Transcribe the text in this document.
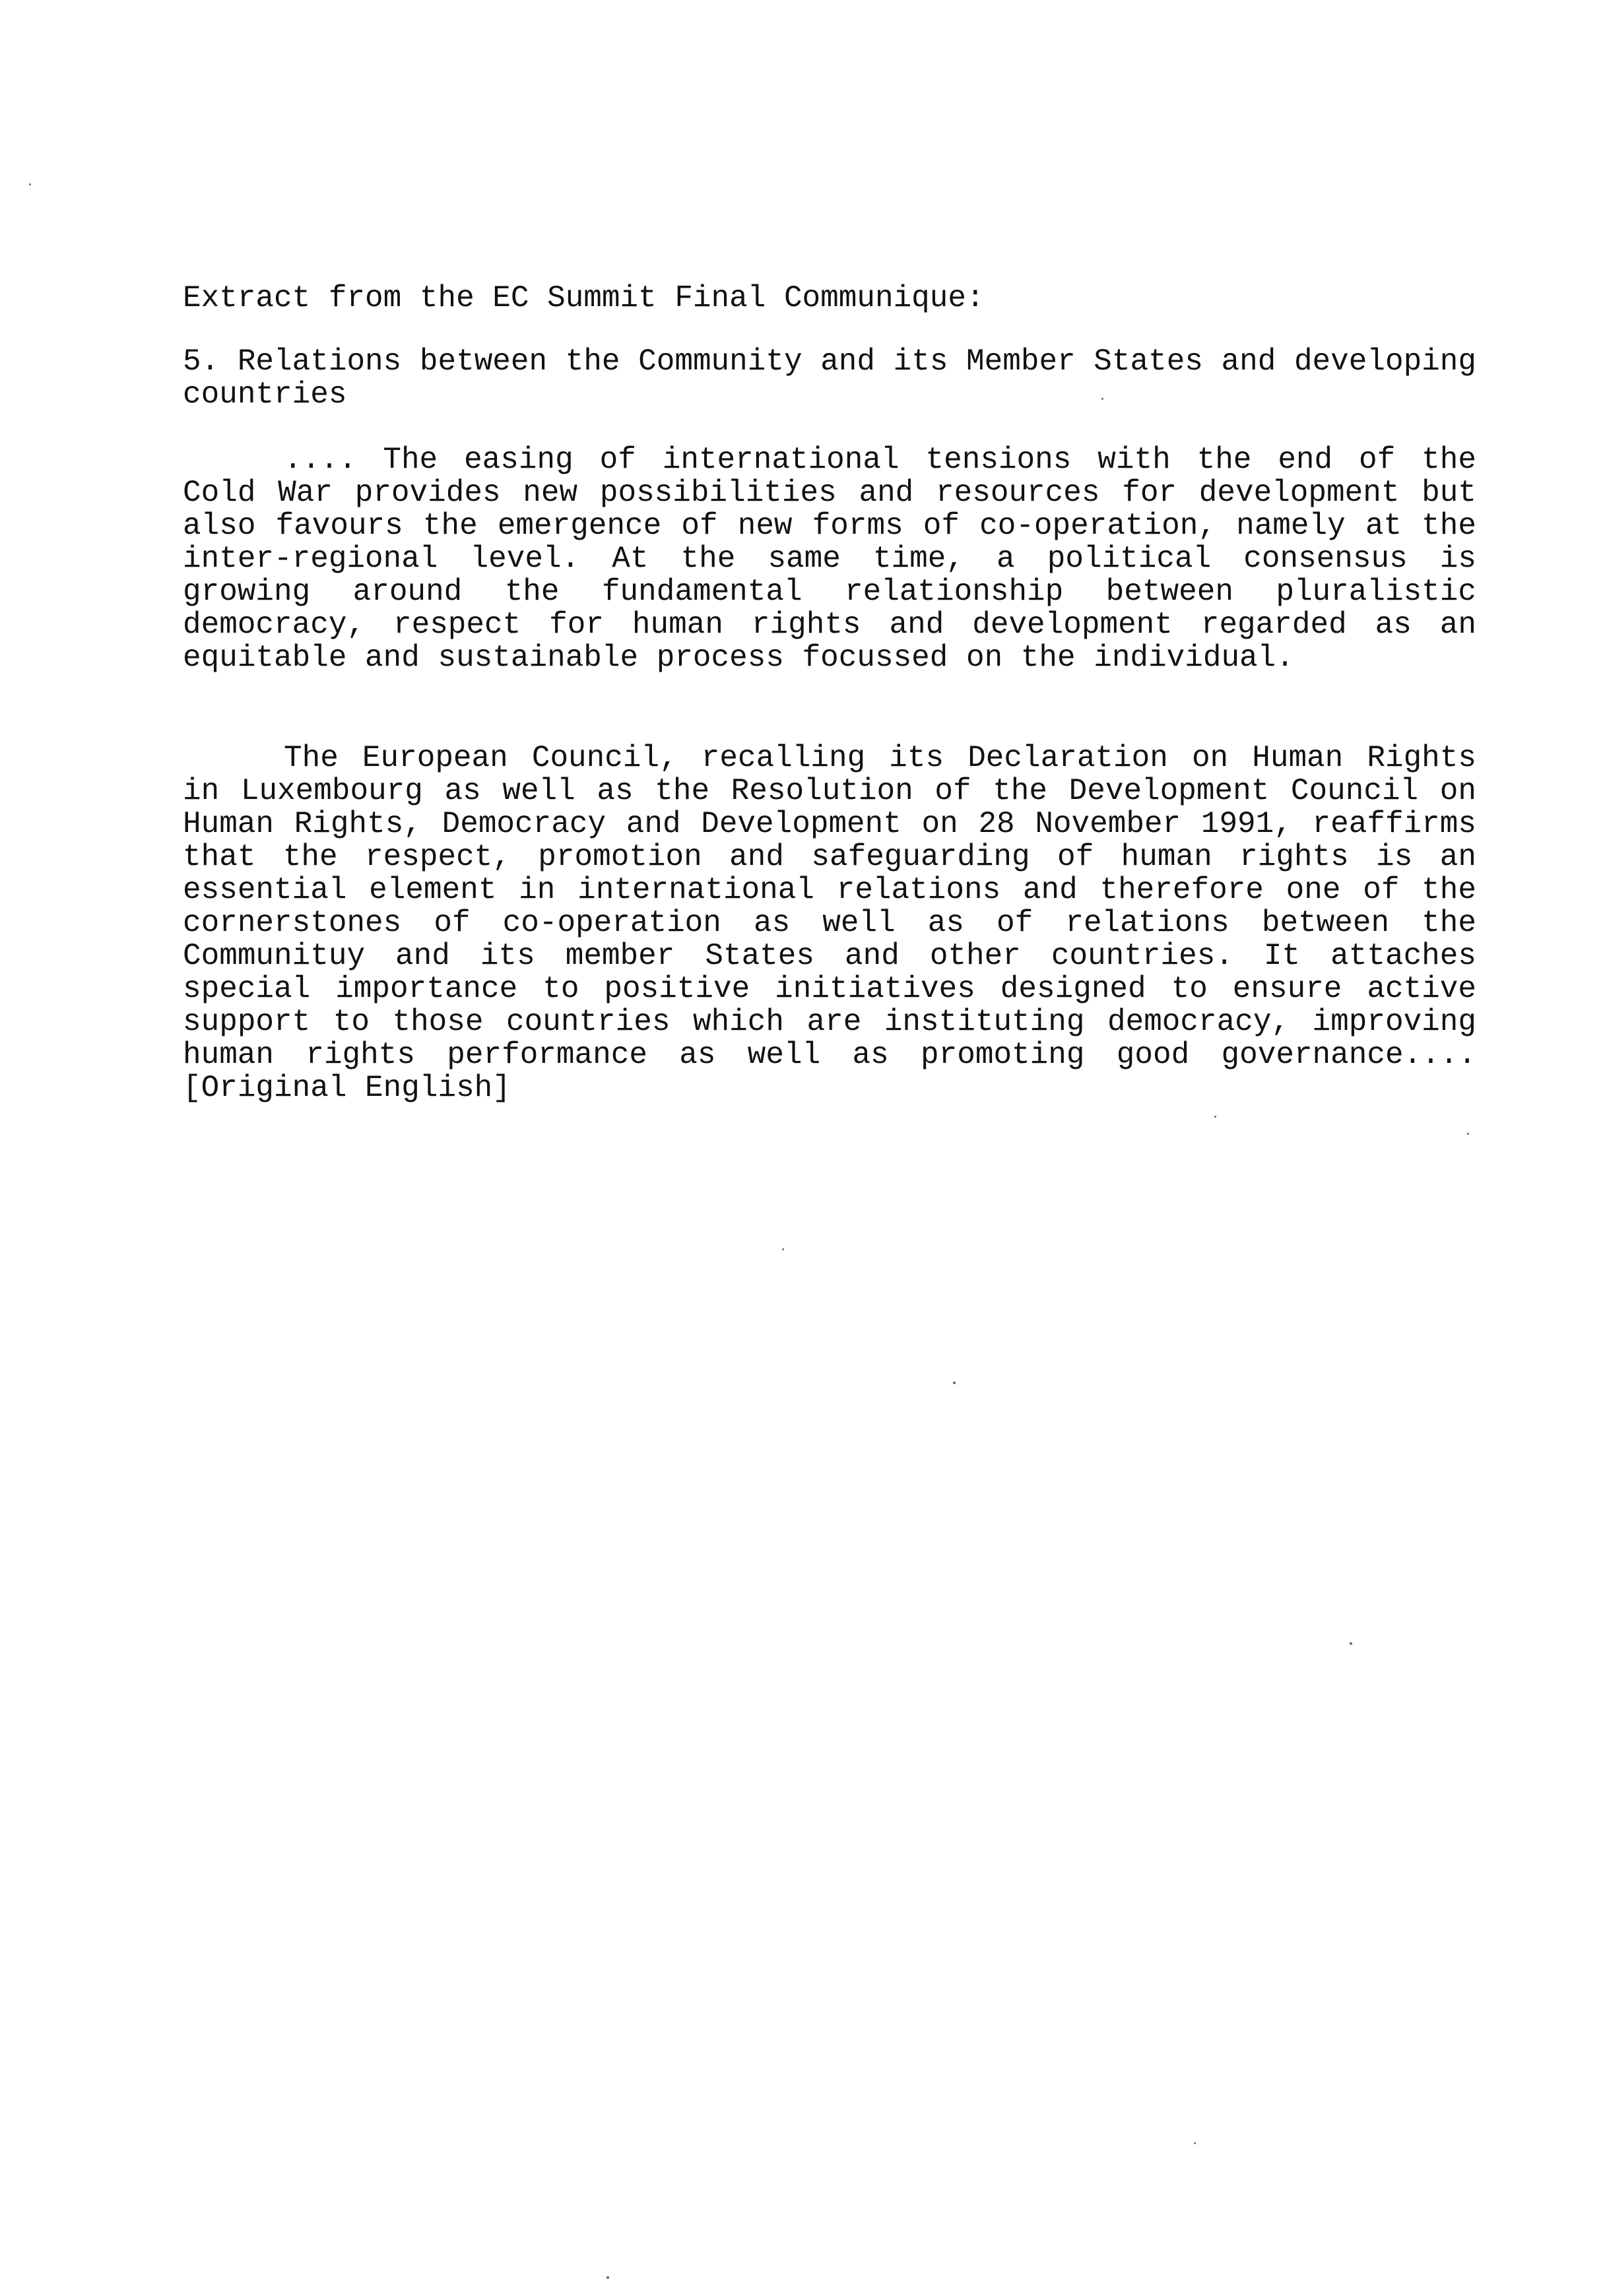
Extract from the EC Summit Final Communique:

5. Relations between the Community and its Member States and developing countries

.... The easing of international tensions with the end of the Cold War provides new possibilities and resources for development but also favours the emergence of new forms of co-operation, namely at the inter-regional level. At the same time, a political consensus is growing around the fundamental relationship between pluralistic democracy, respect for human rights and development regarded as an equitable and sustainable process focussed on the individual.

The European Council, recalling its Declaration on Human Rights in Luxembourg as well as the Resolution of the Development Council on Human Rights, Democracy and Development on 28 November 1991, reaffirms that the respect, promotion and safeguarding of human rights is an essential element in international relations and therefore one of the cornerstones of co-operation as well as of relations between the Communituy and its member States and other countries. It attaches special importance to positive initiatives designed to ensure active support to those countries which are instituting democracy, improving human rights performance as well as promoting good governance.... [Original English]
